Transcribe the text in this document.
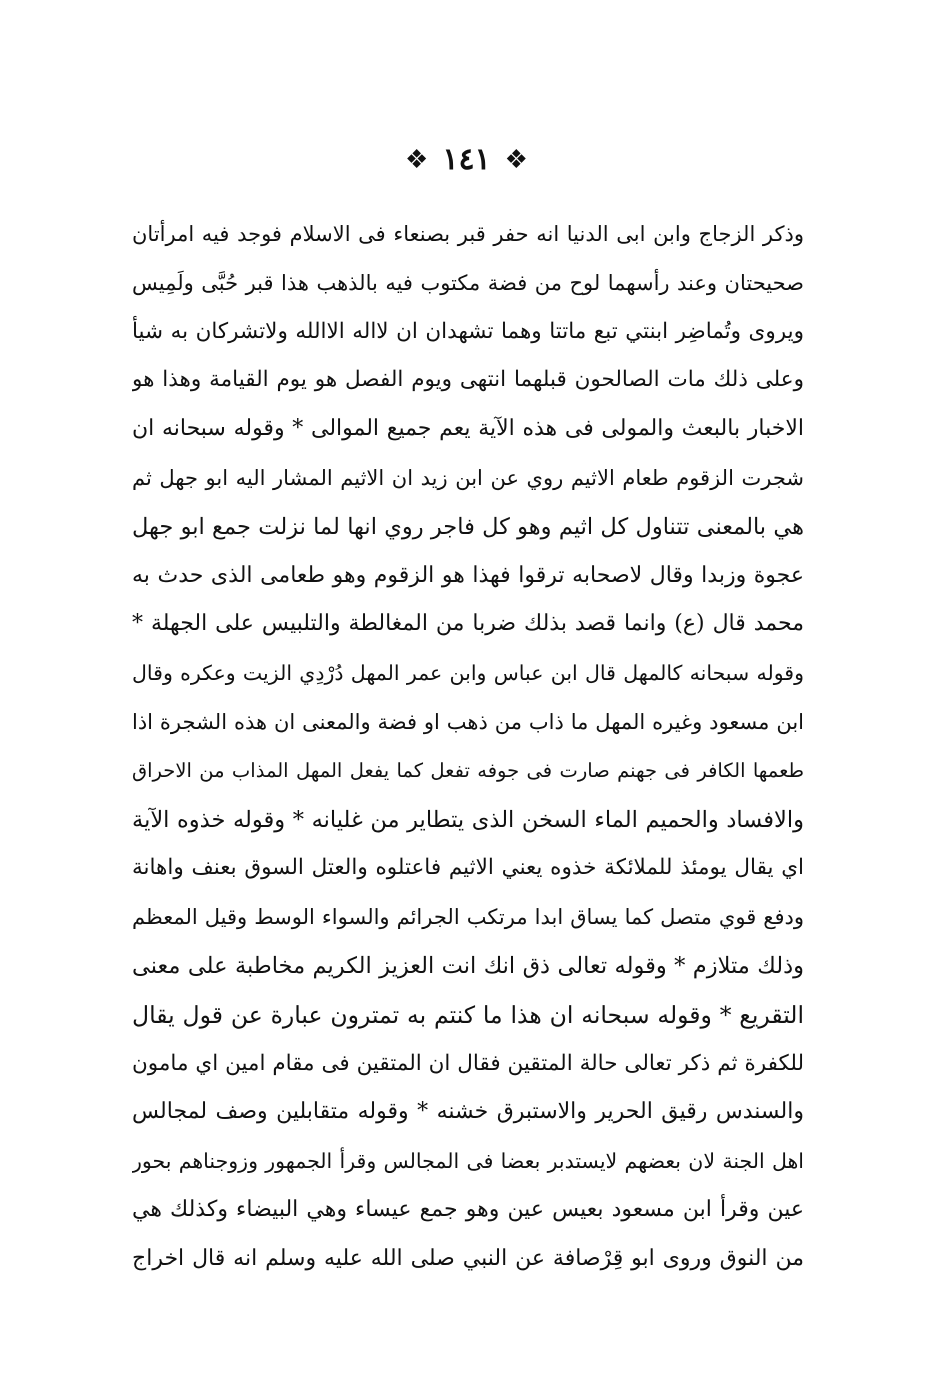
❖ ١٤١ ❖
وذكر الزجاج وابن ابى الدنيا انه حفر قبر بصنعاء فى الاسلام فوجد فيه امرأتان
صحيحتان وعند رأسهما لوح من فضة مكتوب فيه بالذهب هذا قبر حُبَّى ولَمِيس
ويروى وتُماضِر ابنتي تبع ماتتا وهما تشهدان ان لااله الاالله ولاتشركان به شيأ
وعلى ذلك مات الصالحون قبلهما انتهى ويوم الفصل هو يوم القيامة وهذا هو
الاخبار بالبعث والمولى فى هذه الآية يعم جميع الموالى * وقوله سبحانه ان
شجرت الزقوم طعام الاثيم روي عن ابن زيد ان الاثيم المشار اليه ابو جهل ثم
هي بالمعنى تتناول كل اثيم وهو كل فاجر روي انها لما نزلت جمع ابو جهل
عجوة وزبدا وقال لاصحابه ترقوا فهذا هو الزقوم وهو طعامى الذى حدث به
محمد قال (ع) وانما قصد بذلك ضربا من المغالطة والتلبيس على الجهلة *
وقوله سبحانه كالمهل قال ابن عباس وابن عمر المهل دُرْدِي الزيت وعكره وقال
ابن مسعود وغيره المهل ما ذاب من ذهب او فضة والمعنى ان هذه الشجرة اذا
طعمها الكافر فى جهنم صارت فى جوفه تفعل كما يفعل المهل المذاب من الاحراق
والافساد والحميم الماء السخن الذى يتطاير من غليانه * وقوله خذوه الآية
اي يقال يومئذ للملائكة خذوه يعني الاثيم فاعتلوه والعتل السوق بعنف واهانة
ودفع قوي متصل كما يساق ابدا مرتكب الجرائم والسواء الوسط وقيل المعظم
وذلك متلازم * وقوله تعالى ذق انك انت العزيز الكريم مخاطبة على معنى
التقريع * وقوله سبحانه ان هذا ما كنتم به تمترون عبارة عن قول يقال
للكفرة ثم ذكر تعالى حالة المتقين فقال ان المتقين فى مقام امين اي مامون
والسندس رقيق الحرير والاستبرق خشنه * وقوله متقابلين وصف لمجالس
اهل الجنة لان بعضهم لايستدبر بعضا فى المجالس وقرأ الجمهور وزوجناهم بحور
عين وقرأ ابن مسعود بعيس عين وهو جمع عيساء وهي البيضاء وكذلك هي
من النوق وروى ابو قِرْصافة عن النبي صلى الله عليه وسلم انه قال اخراج
